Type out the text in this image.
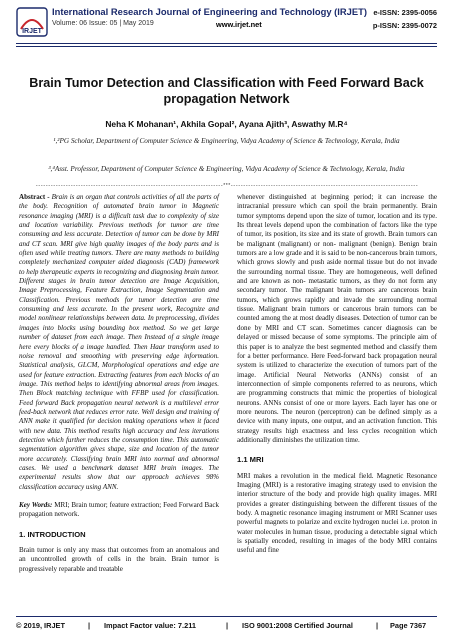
IRJET
International Research Journal of Engineering and Technology (IRJET)
Volume: 06 Issue: 05 | May 2019	www.irjet.net
e-ISSN: 2395-0056
p-ISSN: 2395-0072
Brain Tumor Detection and Classification with Feed Forward Back propagation Network
Neha K Mohanan¹, Akhila Gopal², Ayana Ajith³, Aswathy M.R⁴
¹,²PG Scholar, Department of Computer Science & Engineering, Vidya Academy of Science & Technology, Kerala, India
³,⁴Asst. Professor, Department of Computer Science & Engineering, Vidya Academy of Science & Technology, Kerala, India
---------------------------------------------------------------------------***---------------------------------------------------------------------------

Abstract - Brain is an organ that controls activities of all the parts of the body. Recognition of automated brain tumor in Magnetic resonance imaging (MRI) is a difficult task due to complexity of size and location variability. Previous methods for tumor are time consuming and less accurate. Detection of tumor can be done by MRI and CT scan. MRI give high quality images of the body parts and is often used while treating tumors. There are many methods to building completely mechanized computer aided diagnosis (CAD) framework to help therapeutic experts in recognizing and diagnosing brain tumor. Different stages in brain tumor detection are Image Acquisition, Image Preprocessing, Feature Extraction, Image Segmentation and Classification. Previous methods for tumor detection are time consuming and less accurate. In the present work, Recognize and model nonlinear relationships between data. In preprocessing, divides images into blocks using bounding box method. So we get large number of dataset from each image. Then Instead of a single image here every blocks of a image handled. Then Haar transform used to noise removal and smoothing with preserving edge information. Statistical analysis, GLCM, Morphological operations and edge are used for feature extraction. Extracting features from each blocks of an image. This method helps to identifying abnormal areas from images. Then Block matching technique with FFBP used for classification. Feed forward Back propagation neural network is a multilevel error feed-back network that reduces error rate. Well design and training of ANN make it qualified for decision making operations when it faced with new data. This method results high accuracy and less iterations detection which further reduces the consumption time. This automatic segmentation algorithm gives shape, size and location of the tumor more accurately. Classifying brain MRI into normal and abnormal cases. We used a benchmark dataset MRI brain images. The experimental results show that our approach achieves 98% classification accuracy using ANN.

Key Words: MRI; Brain tumor; feature extraction; Feed Forward Back propagation network.

1. INTRODUCTION

Brain tumor is only any mass that outcomes from an anomalous and an uncontrolled growth of cells in the brain. Brain tumor is progressively reparable and treatable

whenever distinguished at beginning period; it can increase the intracranial pressure which can spoil the brain permanently. Brain tumor symptoms depend upon the size of tumor, location and its type. Its threat levels depend upon the combination of factors like the type of tumor, its position, its size and its state of growth. Brain tumors can be malignant (malignant) or non- malignant (benign). Benign brain tumors are a low grade and it is said to be non-cancerous brain tumors, which grows slowly and push aside normal tissue but do not invade the surrounding normal tissue. They are homogeneous, well defined and are known as non- metastatic tumors, as they do not form any secondary tumor. The malignant brain tumors are cancerous brain tumors, which grows rapidly and invade the surrounding normal tissue. Malignant brain tumors or cancerous brain tumors can be counted among the at most deadly diseases. Detection of tumor can be done by MRI and CT scan. Sometimes cancer diagnosis can be delayed or missed because of some symptoms. The principle aim of this paper is to analyze the best segmented method and classify them for a better performance. Here Feed-forward back propagation neural system is utilized to characterize the execution of tumors part of the image. Artificial Neural Networks (ANNs) consist of an interconnection of simple components referred to as neurons, which are programming constructs that mimic the properties of biological neurons. ANNs consist of one or more layers. Each layer has one or more neurons. The neuron (perceptron) can be defined simply as a device with many inputs, one output, and an activation function. This strategy results high exactness and less cycles recognition which additionally diminishes the utilization time.

1.1 MRI

MRI makes a revolution in the medical field. Magnetic Resonance Imaging (MRI) is a restorative imaging strategy used to envision the interior structure of the body and provide high quality images. MRI provides a greater distinguishing between the different tissues of the body. A magnetic resonance imaging instrument or MRI Scanner uses powerful magnets to polarize and excite hydrogen nuclei i.e. proton in water molecules in human tissue, producing a detectable signal which is spatially encoded, resulting in images of the body MRI contains useful and fine

© 2019, IRJET	| Impact Factor value: 7.211	| ISO 9001:2008 Certified Journal	| Page 7367
